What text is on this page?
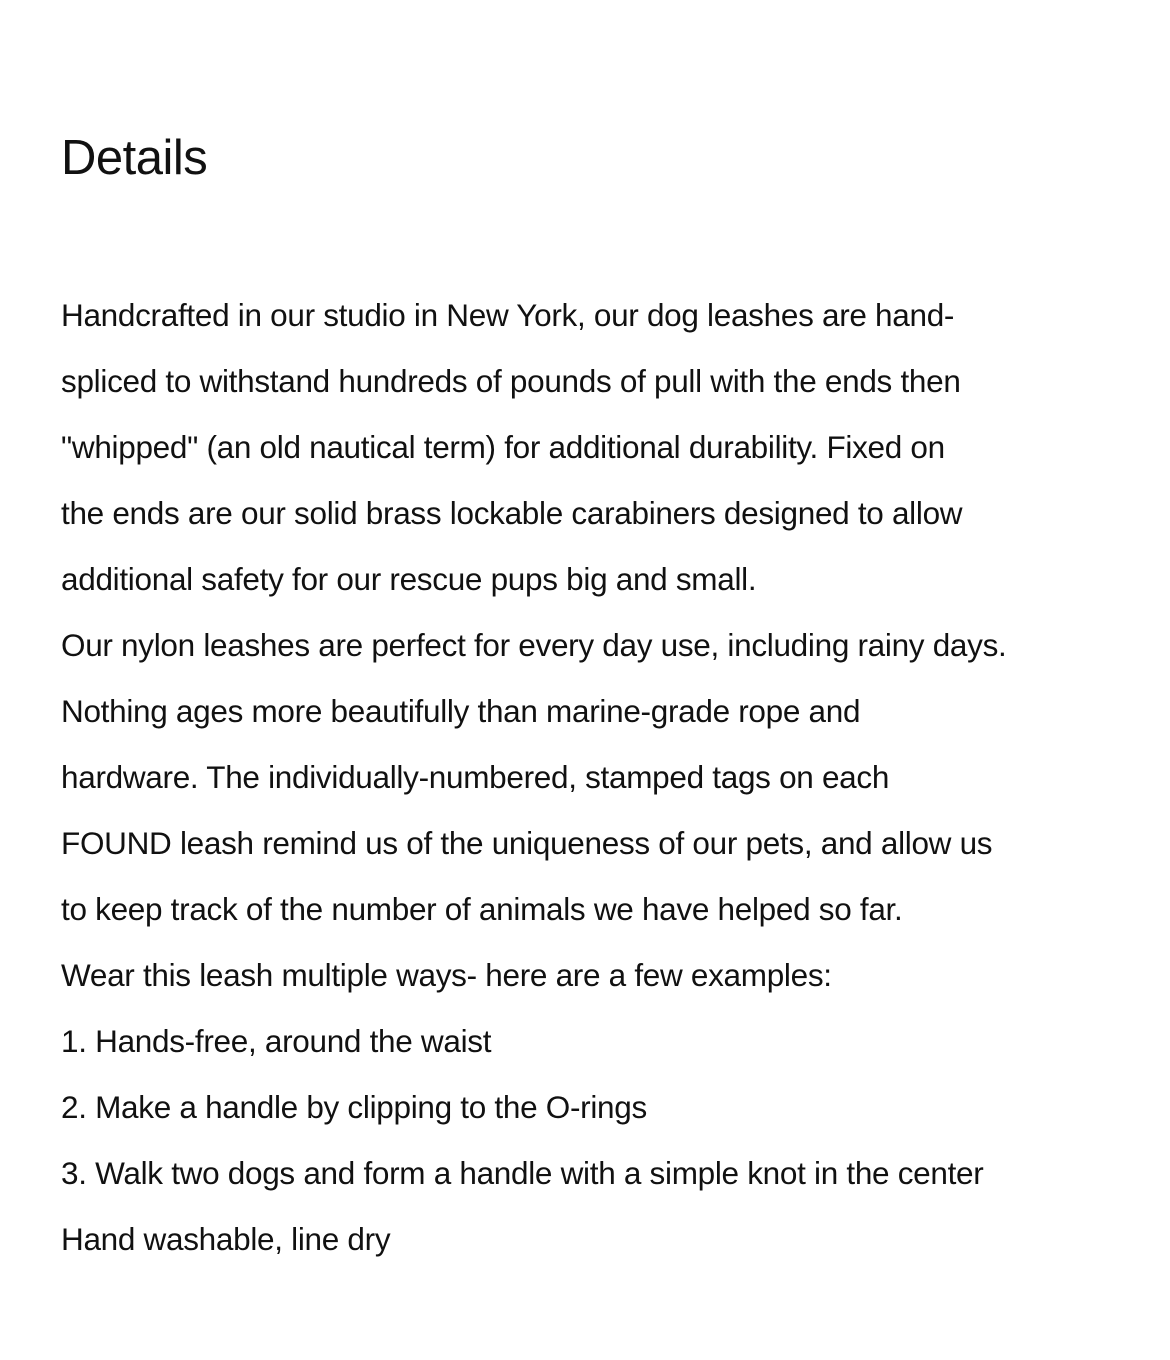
Details
Handcrafted in our studio in New York, our dog leashes are hand-
spliced to withstand hundreds of pounds of pull with the ends then
"whipped" (an old nautical term) for additional durability. Fixed on
the ends are our solid brass lockable carabiners designed to allow
additional safety for our rescue pups big and small.
Our nylon leashes are perfect for every day use, including rainy days.
Nothing ages more beautifully than marine-grade rope and
hardware. The individually-numbered, stamped tags on each
FOUND leash remind us of the uniqueness of our pets, and allow us
to keep track of the number of animals we have helped so far.
Wear this leash multiple ways- here are a few examples:
1. Hands-free, around the waist
2. Make a handle by clipping to the O-rings
3. Walk two dogs and form a handle with a simple knot in the center
Hand washable, line dry
